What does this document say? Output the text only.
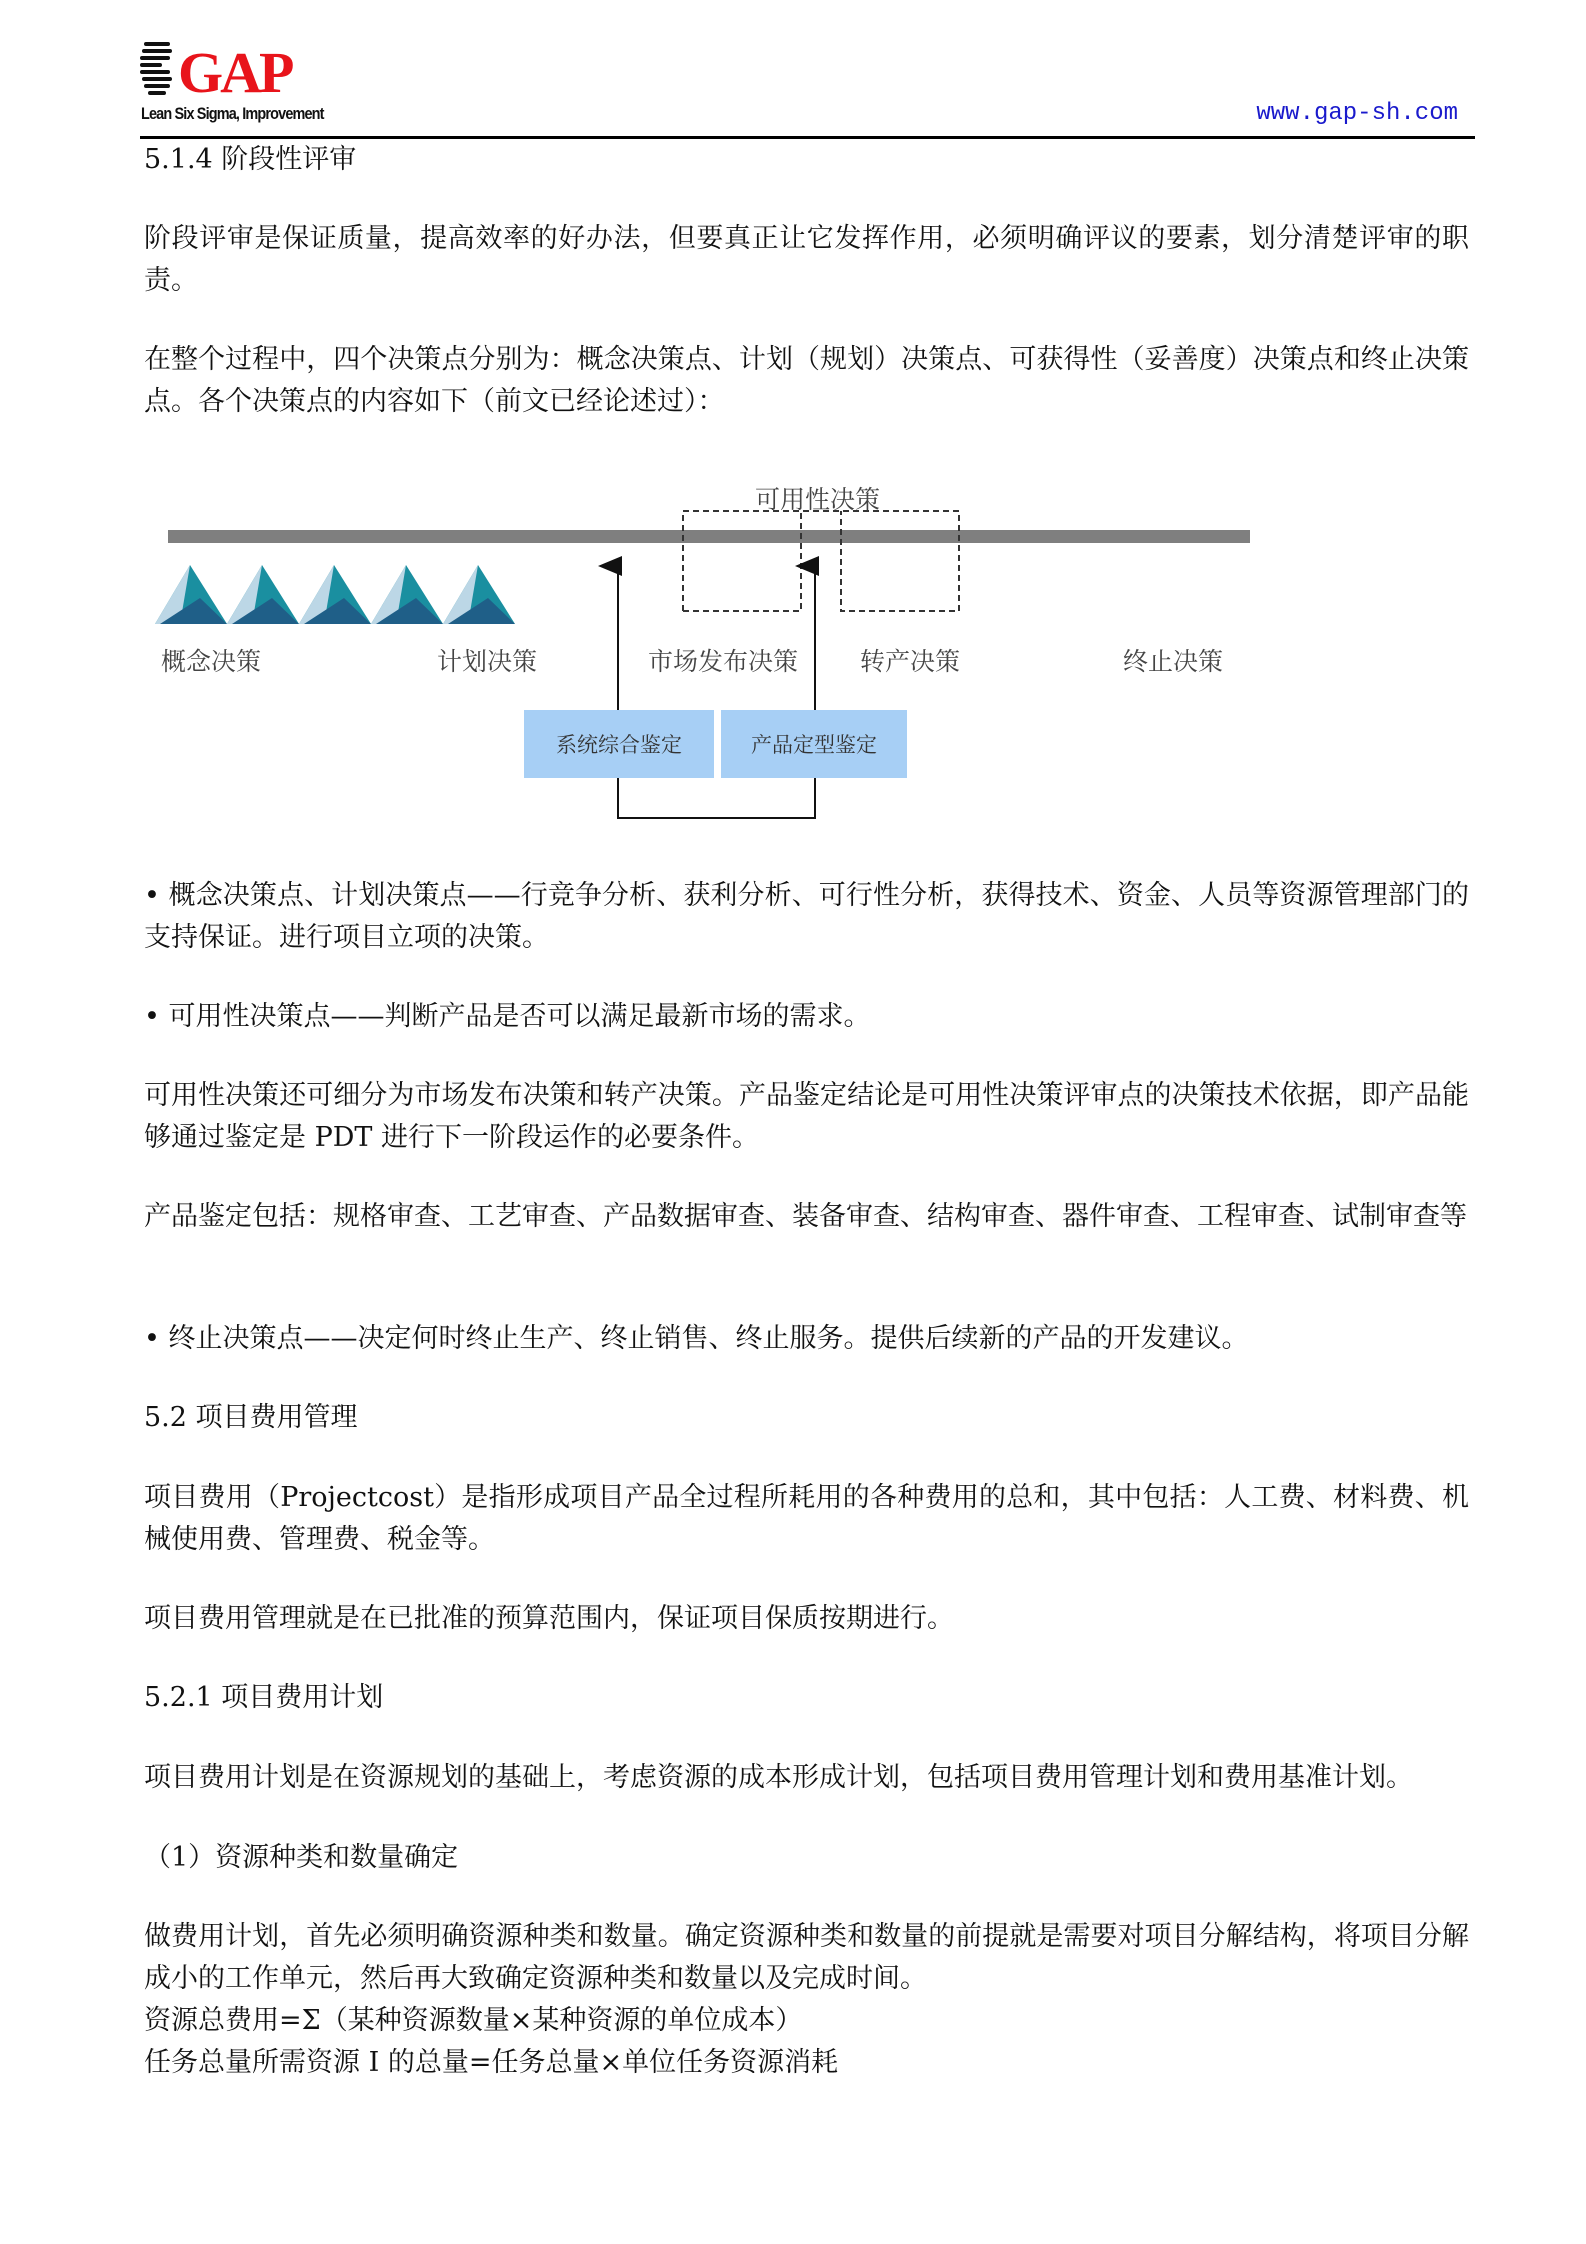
GAP
Lean Six Sigma, Improvement	www.gap-sh.com

5.1.4 阶段性评审

阶段评审是保证质量，提高效率的好办法，但要真正让它发挥作用，必须明确评议的要素，划分清楚评审的职责。

在整个过程中，四个决策点分别为：概念决策点、计划（规划）决策点、可获得性（妥善度）决策点和终止决策点。各个决策点的内容如下（前文已经论述过）：

可用性决策
概念决策	计划决策	市场发布决策 转产决策	终止决策
系统综合鉴定	产品定型鉴定

• 概念决策点、计划决策点——行竞争分析、获利分析、可行性分析，获得技术、资金、人员等资源管理部门的支持保证。进行项目立项的决策。

• 可用性决策点——判断产品是否可以满足最新市场的需求。

可用性决策还可细分为市场发布决策和转产决策。产品鉴定结论是可用性决策评审点的决策技术依据，即产品能够通过鉴定是 PDT 进行下一阶段运作的必要条件。

产品鉴定包括：规格审查、工艺审查、产品数据审查、装备审查、结构审查、器件审查、工程审查、试制审查等

• 终止决策点——决定何时终止生产、终止销售、终止服务。提供后续新的产品的开发建议。

5.2 项目费用管理

项目费用（Projectcost）是指形成项目产品全过程所耗用的各种费用的总和，其中包括：人工费、材料费、机械使用费、管理费、税金等。

项目费用管理就是在已批准的预算范围内，保证项目保质按期进行。

5.2.1 项目费用计划

项目费用计划是在资源规划的基础上，考虑资源的成本形成计划，包括项目费用管理计划和费用基准计划。

（1）资源种类和数量确定

做费用计划，首先必须明确资源种类和数量。确定资源种类和数量的前提就是需要对项目分解结构，将项目分解成小的工作单元，然后再大致确定资源种类和数量以及完成时间。

资源总费用=Σ（某种资源数量×某种资源的单位成本）

任务总量所需资源 I 的总量=任务总量×单位任务资源消耗
